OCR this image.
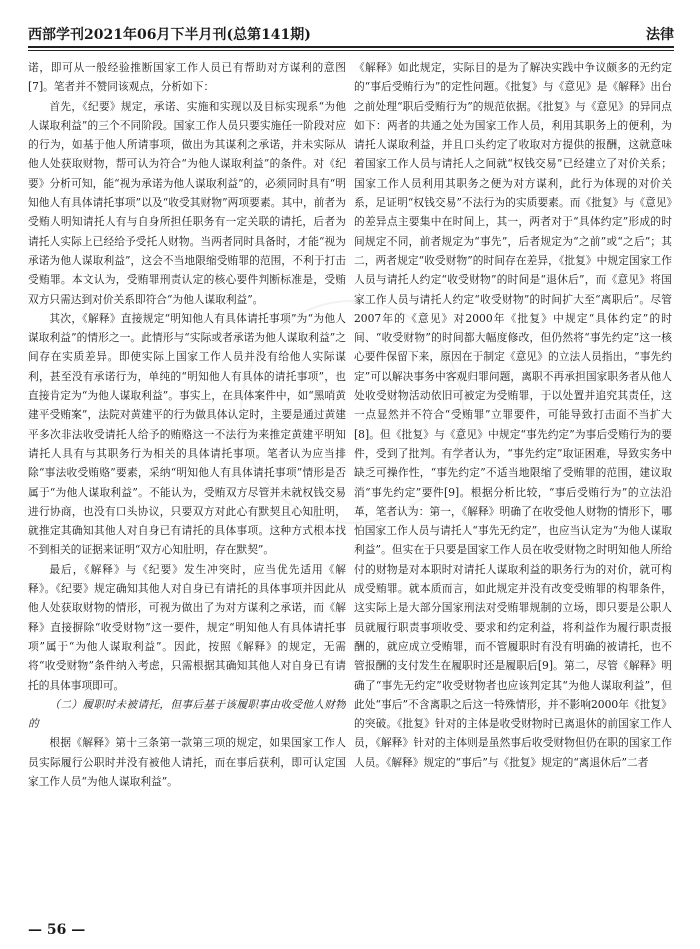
西部学刊2021年06月下半月刊(总第141期)	法律

诺，即可从一般经验推断国家工作人员已有帮助对方谋利的意图[7]。笔者并不赞同该观点，分析如下：

首先，《纪要》规定，承诺、实施和实现以及目标实现系“为他人谋取利益”的三个不同阶段。国家工作人员只要实施任一阶段对应的行为，如基于他人所请事项，做出为其谋利之承诺，并未实际从他人处获取财物，帮可认为符合“为他人谋取利益”的条件。对《纪要》分析可知，能“视为承诺为他人谋取利益”的，必须同时具有“明知他人有具体请托事项”以及“收受其财物”两项要素。其中，前者为受贿人明知请托人有与自身所担任职务有一定关联的请托，后者为请托人实际上已经给予受托人财物。当两者同时具备时，才能“视为承诺为他人谋取利益”，这会不当地限缩受贿罪的范围，不利于打击受贿罪。本文认为，受贿罪刑责认定的核心要件判断标准是，受贿双方只需达到对价关系即符合“为他人谋取利益”。

其次，《解释》直接规定“明知他人有具体请托事项”为“为他人谋取利益”的情形之一。此情形与“实际或者承诺为他人谋取利益”之间存在实质差异。即使实际上国家工作人员并没有给他人实际谋利，甚至没有承诺行为，单纯的“明知他人有具体的请托事项”，也直接肯定为“为他人谋取利益”。事实上，在具体案件中，如“黑哨黄建平受贿案”，法院对黄建平的行为做具体认定时，主要是通过黄建平多次非法收受请托人给予的贿赂这一不法行为来推定黄建平明知请托人具有与其职务行为相关的具体请托事项。笔者认为应当排除“事法收受贿赂”要素，采纳“明知他人有具体请托事项”情形是否属于“为他人谋取利益”。不能认为，受贿双方尽管并未就权钱交易进行协商，也没有口头协议，只要双方对此心有默契且心知肚明，就推定其确知其他人对自身已有请托的具体事项。这种方式根本找不到相关的证据来证明“双方心知肚明，存在默契”。

最后，《解释》与《纪要》发生冲突时，应当优先适用《解释》。《纪要》规定确知其他人对自身已有请托的具体事项并因此从他人处获取财物的情形，可视为做出了为对方谋利之承诺，而《解释》直接摒除“收受财物”这一要件，规定“明知他人有具体请托事项”属于“为他人谋取利益”。因此，按照《解释》的规定，无需将“收受财物”条件纳入考虑，只需根据其确知其他人对自身已有请托的具体事项即可。

（二）履职时未被请托，但事后基于该履职事由收受他人财物的

根据《解释》第十三条第一款第三项的规定，如果国家工作人员实际履行公职时并没有被他人请托，而在事后获利，即可认定国家工作人员“为他人谋取利益”。

《解释》如此规定，实际目的是为了解决实践中争议颇多的无约定的“事后受贿行为”的定性问题。《批复》与《意见》是《解释》出台之前处理“职后受贿行为”的规范依据。《批复》与《意见》的异同点如下：两者的共通之处为国家工作人员，利用其职务上的便利，为请托人谋取利益，并且口头约定了收取对方提供的报酬，这就意味着国家工作人员与请托人之间就“权钱交易”已经建立了对价关系；国家工作人员利用其职务之便为对方谋利，此行为体现的对价关系，足证明“权钱交易”不法行为的实质要素。而《批复》与《意见》的差异点主要集中在时间上，其一，两者对于“具体约定”形成的时间规定不同，前者规定为“事先”，后者规定为“之前”或“之后”；其二，两者规定“收受财物”的时间存在差异，《批复》中规定国家工作人员与请托人约定“收受财物”的时间是“退休后”，而《意见》将国家工作人员与请托人约定“收受财物”的时间扩大至“离职后”。尽管2007年的《意见》对2000年《批复》中规定“具体约定”的时间、“收受财物”的时间都大幅度修改，但仍然将“事先约定”这一核心要件保留下来，原因在于制定《意见》的立法人员指出，“事先约定”可以解决事务中客观归罪问题，离职不再承担国家职务者从他人处收受财物活动依旧可被定为受贿罪，于以处置并追究其责任，这一点显然并不符合“受贿罪”立罪要件，可能导致打击面不当扩大[8]。但《批复》与《意见》中规定“事先约定”为事后受贿行为的要件，受到了批判。有学者认为，“事先约定”取证困难，导致实务中缺乏可操作性，“事先约定”不适当地限缩了受贿罪的范围，建议取消“事先约定”要件[9]。根据分析比较，“事后受贿行为”的立法沿革，笔者认为：第一，《解释》明确了在收受他人财物的情形下，哪怕国家工作人员与请托人“事先无约定”，也应当认定为“为他人谋取利益”。但实在于只要是国家工作人员在收受财物之时明知他人所给付的财物是对本职时对请托人谋取利益的职务行为的对价，就可构成受贿罪。就本质而言，如此规定并没有改变受贿罪的构罪条件，这实际上是大部分国家刑法对受贿罪规制的立场，即只要是公职人员就履行职责事项收受、要求和约定利益，将利益作为履行职责报酬的，就应成立受贿罪，而不管履职时有没有明确的被请托，也不管报酬的支付发生在履职时还是履职后[9]。第二，尽管《解释》明确了“事先无约定”收受财物者也应该判定其“为他人谋取利益”，但此处“事后”不含离职之后这一特殊情形，并不影响2000年《批复》的突破。《批复》针对的主体是收受财物时已离退休的前国家工作人员，《解释》针对的主体则是虽然事后收受财物但仍在职的国家工作人员。《解释》规定的“事后”与《批复》规定的“离退休后”二者

— 56 —
